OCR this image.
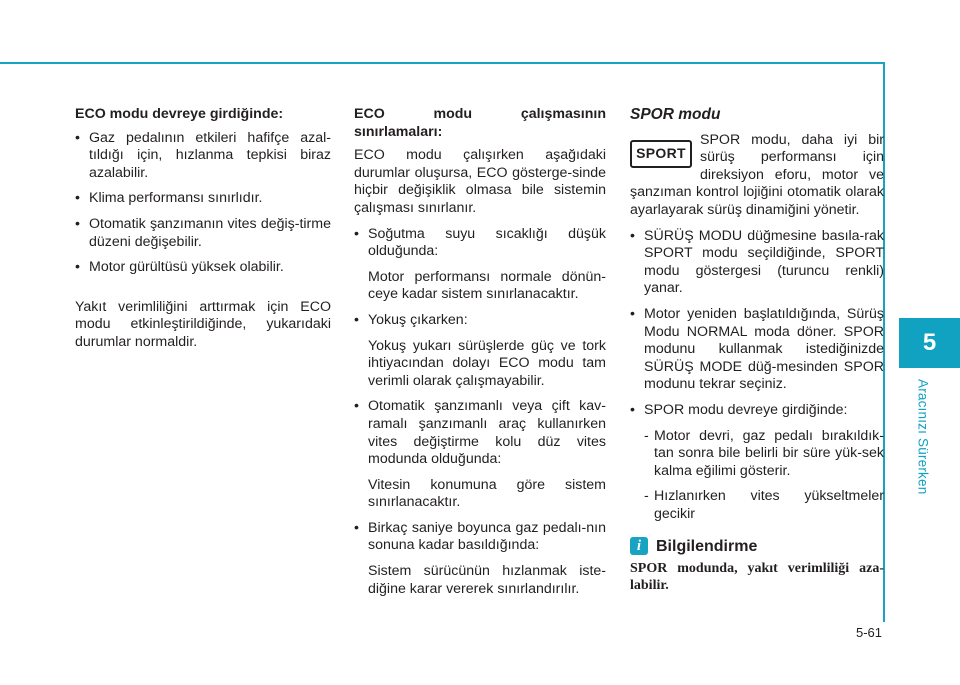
5
Aracınızı Sürerken

ECO modu devreye girdiğinde:

• Gaz pedalının etkileri hafifçe azal-tıldığı için, hızlanma tepkisi biraz azalabilir.
• Klima performansı sınırlıdır.
• Otomatik şanzımanın vites değiş-tirme düzeni değişebilir.
• Motor gürültüsü yüksek olabilir.

Yakıt verimliliğini arttırmak için ECO modu etkinleştirildiğinde, yukarıdaki durumlar normaldir.

ECO modu çalışmasının sınırlamaları:

ECO modu çalışırken aşağıdaki durumlar oluşursa, ECO gösterge-sinde hiçbir değişiklik olmasa bile sistemin çalışması sınırlanır.

• Soğutma suyu sıcaklığı düşük olduğunda:
Motor performansı normale dönün-ceye kadar sistem sınırlanacaktır.
• Yokuş çıkarken:
Yokuş yukarı sürüşlerde güç ve tork ihtiyacından dolayı ECO modu tam verimli olarak çalışmayabilir.
• Otomatik şanzımanlı veya çift kav-ramalı şanzımanlı araç kullanırken vites değiştirme kolu düz vites modunda olduğunda:
Vitesin konumuna göre sistem sınırlanacaktır.
• Birkaç saniye boyunca gaz pedalı-nın sonuna kadar basıldığında:
Sistem sürücünün hızlanmak iste-diğine karar vererek sınırlandırılır.

SPOR modu

SPORT

SPOR modu, daha iyi bir sürüş performansı için direksiyon eforu, motor ve şanzıman kontrol lojiğini otomatik olarak ayarlayarak sürüş dinamiğini yönetir.

• SÜRÜŞ MODU düğmesine basıla-rak SPORT modu seçildiğinde, SPORT modu göstergesi (turuncu renkli) yanar.
• Motor yeniden başlatıldığında, Sürüş Modu NORMAL moda döner. SPOR modunu kullanmak istediğinizde SÜRÜŞ MODE düğ-mesinden SPOR modunu tekrar seçiniz.
• SPOR modu devreye girdiğinde:
- Motor devri, gaz pedalı bırakıldık-tan sonra bile belirli bir süre yük-sek kalma eğilimi gösterir.
- Hızlanırken vites yükseltmeler gecikir
i Bilgilendirme

SPOR modunda, yakıt verimliliği aza-labilir.

5-61
